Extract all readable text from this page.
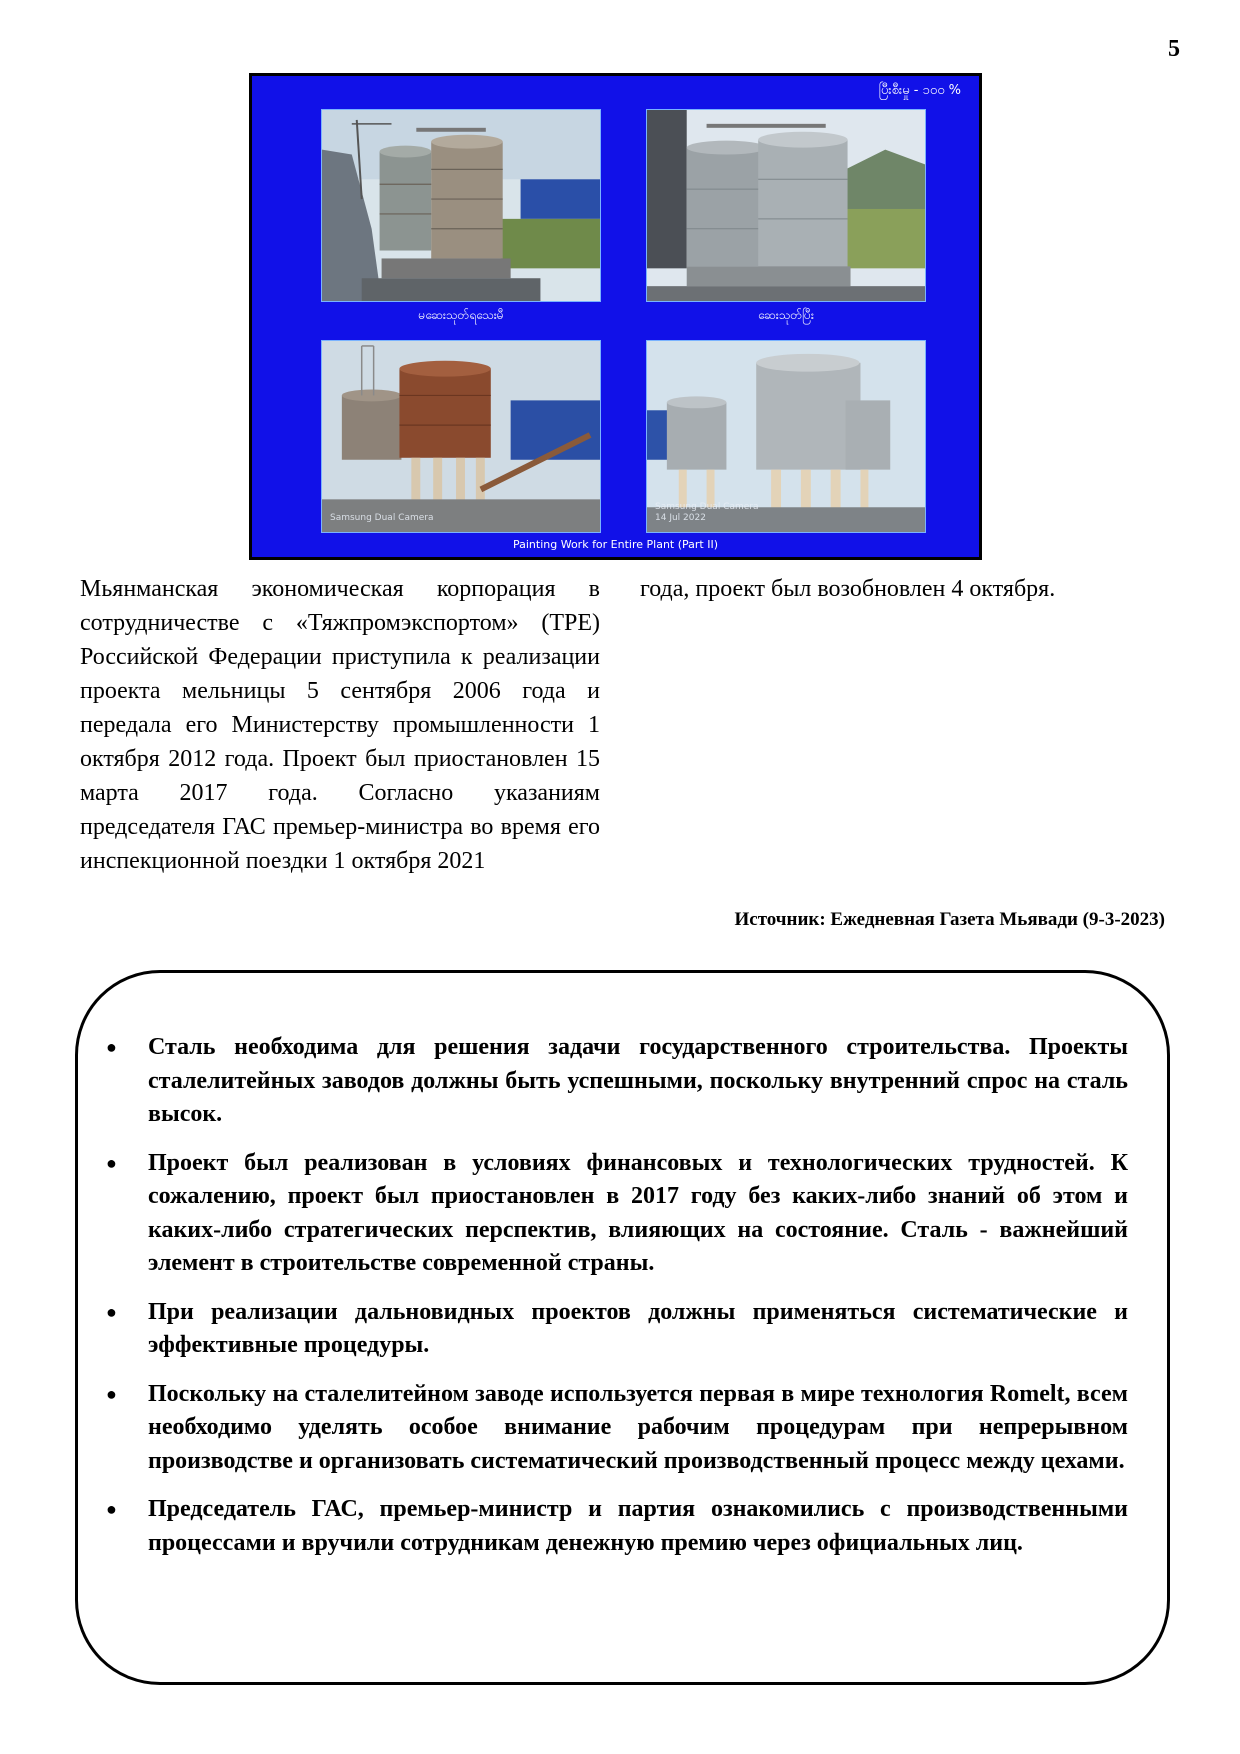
5
ပြီးစီးမှု - ၁၀၀ %
မဆေးသုတ်ရသေးမီ	ဆေးသုတ်ပြီး
Samsung Dual Camera
Samsung Dual Camera
14 Jul 2022
Painting Work for Entire Plant (Part II)

Мьянманская экономическая корпорация в сотрудничестве с «Тяжпромэкспортом» (TPE) Российской Федерации приступила к реализации проекта мельницы 5 сентября 2006 года и передала его Министерству промышленности 1 октября 2012 года. Проект был приостановлен 15 марта 2017 года. Согласно указаниям председателя ГАС премьер-министра во время его инспекционной поездки 1 октября 2021

года, проект был возобновлен 4 октября.

Источник: Ежедневная Газета Мьявади (9-3-2023)
● Сталь необходима для решения задачи государственного строительства. Проекты сталелитейных заводов должны быть успешными, поскольку внутренний спрос на сталь высок.
● Проект был реализован в условиях финансовых и технологических трудностей. К сожалению, проект был приостановлен в 2017 году без каких-либо знаний об этом и каких-либо стратегических перспектив, влияющих на состояние. Сталь - важнейший элемент в строительстве современной страны.
● При реализации дальновидных проектов должны применяться систематические и эффективные процедуры.
● Поскольку на сталелитейном заводе используется первая в мире технология Romelt, всем необходимо уделять особое внимание рабочим процедурам при непрерывном производстве и организовать систематический производственный процесс между цехами.
● Председатель ГАС, премьер-министр и партия ознакомились с производственными процессами и вручили сотрудникам денежную премию через официальных лиц.
